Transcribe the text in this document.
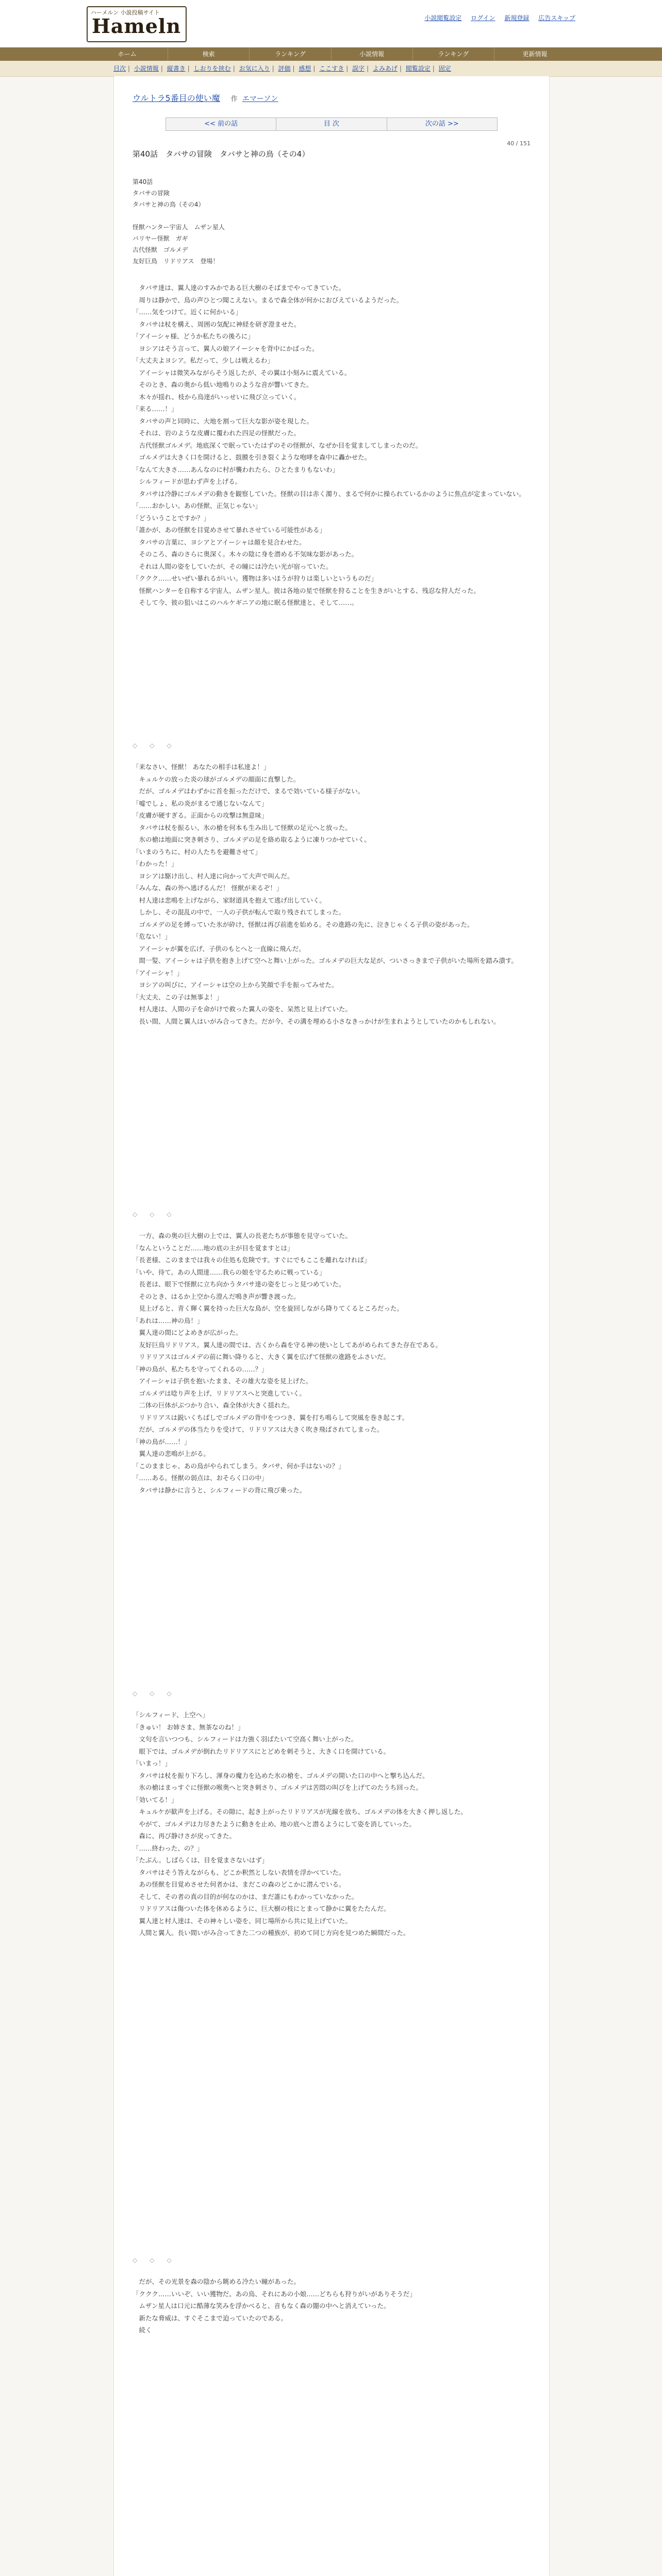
ハーメルン 小説投稿サイト
Hameln	小説閲覧設定 ログイン 新規登録 広告スキップ
ホーム	検索	ランキング	小説情報	ランキング	更新情報
目次 | 小説情報 | 縦書き | しおりを挟む | お気に入り | 評価 | 感想 | ここすき | 誤字 | よみあげ | 閲覧設定 | 固定
ウルトラ5番目の使い魔 作 エマーソン
<< 前の話	目 次	次の話 >>
40 / 151
第40話　タバサの冒険　タバサと神の鳥（その4）
第40話
タバサの冒険
タバサと神の鳥（その4）
怪獣ハンター宇宙人　ムザン星人
バリヤー怪獣　ガギ
古代怪獣　ゴルメデ
友好巨鳥　リドリアス　登場！

タバサ達は、翼人達のすみかである巨大樹のそばまでやってきていた。

周りは静かで、鳥の声ひとつ聞こえない。まるで森全体が何かにおびえているようだった。

「……気をつけて。近くに何かいる」

タバサは杖を構え、周囲の気配に神経を研ぎ澄ませた。

「アイーシャ様、どうか私たちの後ろに」

ヨシアはそう言って、翼人の娘アイーシャを背中にかばった。

「大丈夫よヨシア。私だって、少しは戦えるわ」

アイーシャは微笑みながらそう返したが、その翼は小刻みに震えている。

そのとき、森の奥から低い地鳴りのような音が響いてきた。

木々が揺れ、枝から鳥達がいっせいに飛び立っていく。

「来る……！」

タバサの声と同時に、大地を割って巨大な影が姿を現した。

それは、岩のような皮膚に覆われた四足の怪獣だった。

古代怪獣ゴルメデ。地底深くで眠っていたはずのその怪獣が、なぜか目を覚ましてしまったのだ。

ゴルメデは大きく口を開けると、鼓膜を引き裂くような咆哮を森中に轟かせた。

「なんて大きさ……あんなのに村が襲われたら、ひとたまりもないわ」

シルフィードが思わず声を上げる。

タバサは冷静にゴルメデの動きを観察していた。怪獣の目は赤く濁り、まるで何かに操られているかのように焦点が定まっていない。

「……おかしい。あの怪獣、正気じゃない」

「どういうことですか？」

「誰かが、あの怪獣を目覚めさせて暴れさせている可能性がある」

タバサの言葉に、ヨシアとアイーシャは顔を見合わせた。

そのころ、森のさらに奥深く。木々の陰に身を潜める不気味な影があった。

それは人間の姿をしていたが、その瞳には冷たい光が宿っていた。

「ククク……せいぜい暴れるがいい。獲物は多いほうが狩りは楽しいというものだ」

怪獣ハンターを自称する宇宙人、ムザン星人。彼は各地の星で怪獣を狩ることを生きがいとする、残忍な狩人だった。

そして今、彼の狙いはこのハルケギニアの地に眠る怪獣達と、そして……。

◇　　◇　　◇

「来なさい、怪獣！ あなたの相手は私達よ！」

キュルケの放った炎の球がゴルメデの顔面に直撃した。

だが、ゴルメデはわずかに首を振っただけで、まるで効いている様子がない。

「嘘でしょ、私の炎がまるで通じないなんて」

「皮膚が硬すぎる。正面からの攻撃は無意味」

タバサは杖を振るい、氷の槍を何本も生み出して怪獣の足元へと放った。

氷の槍は地面に突き刺さり、ゴルメデの足を絡め取るように凍りつかせていく。

「いまのうちに、村の人たちを避難させて」

「わかった！」

ヨシアは駆け出し、村人達に向かって大声で叫んだ。

「みんな、森の外へ逃げるんだ！ 怪獣が来るぞ！」

村人達は悲鳴を上げながら、家財道具を抱えて逃げ出していく。

しかし、その混乱の中で、一人の子供が転んで取り残されてしまった。

ゴルメデの足を縛っていた氷が砕け、怪獣は再び前進を始める。その進路の先に、泣きじゃくる子供の姿があった。

「危ない！」

アイーシャが翼を広げ、子供のもとへと一直線に飛んだ。

間一髪、アイーシャは子供を抱き上げて空へと舞い上がった。ゴルメデの巨大な足が、ついさっきまで子供がいた場所を踏み潰す。

「アイーシャ！」

ヨシアの叫びに、アイーシャは空の上から笑顔で手を振ってみせた。

「大丈夫、この子は無事よ！」

村人達は、人間の子を命がけで救った翼人の姿を、呆然と見上げていた。

長い間、人間と翼人はいがみ合ってきた。だが今、その溝を埋める小さなきっかけが生まれようとしていたのかもしれない。

◇　　◇　　◇

一方、森の奥の巨大樹の上では、翼人の長老たちが事態を見守っていた。

「なんということだ……地の底の主が目を覚ますとは」

「長老様、このままでは我々の住処も危険です。すぐにでもここを離れなければ」

「いや、待て。あの人間達……我らの娘を守るために戦っている」

長老は、眼下で怪獣に立ち向かうタバサ達の姿をじっと見つめていた。

そのとき、はるか上空から澄んだ鳴き声が響き渡った。

見上げると、青く輝く翼を持った巨大な鳥が、空を旋回しながら降りてくるところだった。

「あれは……神の鳥！」

翼人達の間にどよめきが広がった。

友好巨鳥リドリアス。翼人達の間では、古くから森を守る神の使いとしてあがめられてきた存在である。

リドリアスはゴルメデの前に舞い降りると、大きく翼を広げて怪獣の進路をふさいだ。

「神の鳥が、私たちを守ってくれるの……？」

アイーシャは子供を抱いたまま、その雄大な姿を見上げた。

ゴルメデは唸り声を上げ、リドリアスへと突進していく。

二体の巨体がぶつかり合い、森全体が大きく揺れた。

リドリアスは鋭いくちばしでゴルメデの背中をつつき、翼を打ち鳴らして突風を巻き起こす。

だが、ゴルメデの体当たりを受けて、リドリアスは大きく吹き飛ばされてしまった。

「神の鳥が……！」

翼人達の悲鳴が上がる。

「このままじゃ、あの鳥がやられてしまう。タバサ、何か手はないの？」

「……ある。怪獣の弱点は、おそらく口の中」

タバサは静かに言うと、シルフィードの背に飛び乗った。

◇　　◇　　◇

「シルフィード、上空へ」

「きゅい！ お姉さま、無茶なのね！」

文句を言いつつも、シルフィードは力強く羽ばたいて空高く舞い上がった。

眼下では、ゴルメデが倒れたリドリアスにとどめを刺そうと、大きく口を開けている。

「いまっ！」

タバサは杖を振り下ろし、渾身の魔力を込めた氷の槍を、ゴルメデの開いた口の中へと撃ち込んだ。

氷の槍はまっすぐに怪獣の喉奥へと突き刺さり、ゴルメデは苦悶の叫びを上げてのたうち回った。

「効いてる！」

キュルケが歓声を上げる。その隙に、起き上がったリドリアスが光線を放ち、ゴルメデの体を大きく押し返した。

やがて、ゴルメデは力尽きたように動きを止め、地の底へと潜るようにして姿を消していった。

森に、再び静けさが戻ってきた。

「……終わった、の？」

「たぶん。しばらくは、目を覚まさないはず」

タバサはそう答えながらも、どこか釈然としない表情を浮かべていた。

あの怪獣を目覚めさせた何者かは、まだこの森のどこかに潜んでいる。

そして、その者の真の目的が何なのかは、まだ誰にもわかっていなかった。

リドリアスは傷ついた体を休めるように、巨大樹の枝にとまって静かに翼をたたんだ。

翼人達と村人達は、その神々しい姿を、同じ場所から共に見上げていた。

人間と翼人。長い間いがみ合ってきた二つの種族が、初めて同じ方向を見つめた瞬間だった。

◇　　◇　　◇

だが、その光景を森の陰から眺める冷たい瞳があった。

「ククク……いいぞ、いい獲物だ。あの鳥、それにあの小娘……どちらも狩りがいがありそうだ」

ムザン星人は口元に酷薄な笑みを浮かべると、音もなく森の闇の中へと消えていった。

新たな脅威は、すぐそこまで迫っていたのである。

続く
